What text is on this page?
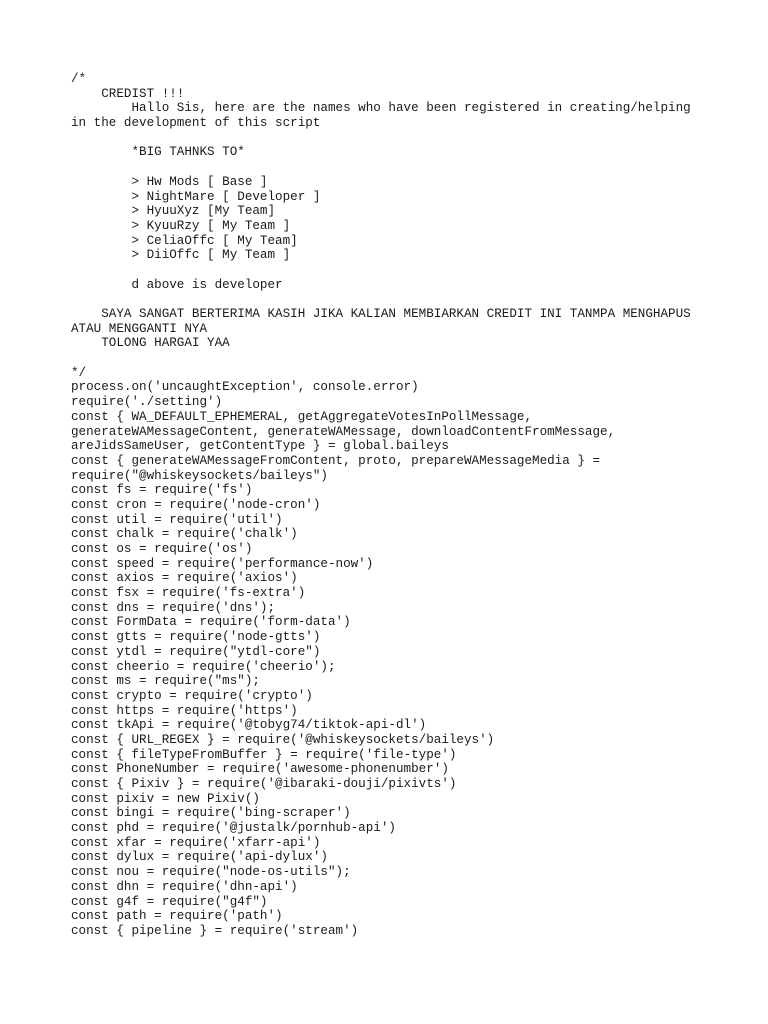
/*
CREDIST !!!
Hallo Sis, here are the names who have been registered in creating/helping
in the development of this script
*BIG TAHNKS TO*
> Hw Mods [ Base ]
> NightMare [ Developer ]
> HyuuXyz [My Team]
> KyuuRzy [ My Team ]
> CeliaOffc [ My Team]
> DiiOffc [ My Team ]
d above is developer
SAYA SANGAT BERTERIMA KASIH JIKA KALIAN MEMBIARKAN CREDIT INI TANMPA MENGHAPUS
ATAU MENGGANTI NYA
TOLONG HARGAI YAA
*/
process.on('uncaughtException', console.error)
require('./setting')
const { WA_DEFAULT_EPHEMERAL, getAggregateVotesInPollMessage,
generateWAMessageContent, generateWAMessage, downloadContentFromMessage,
areJidsSameUser, getContentType } = global.baileys
const { generateWAMessageFromContent, proto, prepareWAMessageMedia } =
require("@whiskeysockets/baileys")
const fs = require('fs')
const cron = require('node-cron')
const util = require('util')
const chalk = require('chalk')
const os = require('os')
const speed = require('performance-now')
const axios = require('axios')
const fsx = require('fs-extra')
const dns = require('dns');
const FormData = require('form-data')
const gtts = require('node-gtts')
const ytdl = require("ytdl-core")
const cheerio = require('cheerio');
const ms = require("ms");
const crypto = require('crypto')
const https = require('https')
const tkApi = require('@tobyg74/tiktok-api-dl')
const { URL_REGEX } = require('@whiskeysockets/baileys')
const { fileTypeFromBuffer } = require('file-type')
const PhoneNumber = require('awesome-phonenumber')
const { Pixiv } = require('@ibaraki-douji/pixivts')
const pixiv = new Pixiv()
const bingi = require('bing-scraper')
const phd = require('@justalk/pornhub-api')
const xfar = require('xfarr-api')
const dylux = require('api-dylux')
const nou = require("node-os-utils");
const dhn = require('dhn-api')
const g4f = require("g4f")
const path = require('path')
const { pipeline } = require('stream')
